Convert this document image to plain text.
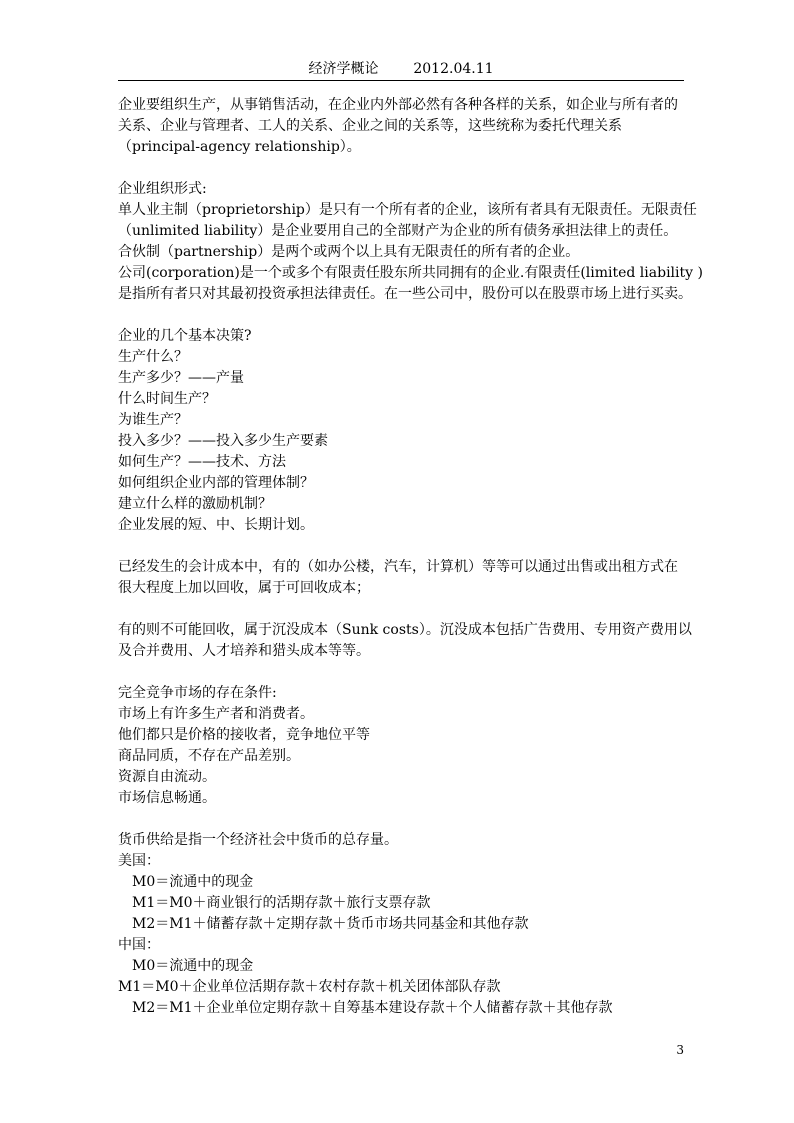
经济学概论 2012.04.11

企业要组织生产，从事销售活动，在企业内外部必然有各种各样的关系，如企业与所有者的

关系、企业与管理者、工人的关系、企业之间的关系等，这些统称为委托代理关系

（principal-agency relationship）。

企业组织形式:

单人业主制（proprietorship）是只有一个所有者的企业，该所有者具有无限责任。无限责任

（unlimited liability）是企业要用自己的全部财产为企业的所有债务承担法律上的责任。

合伙制（partnership）是两个或两个以上具有无限责任的所有者的企业。

公司(corporation)是一个或多个有限责任股东所共同拥有的企业.有限责任(limited liability )

是指所有者只对其最初投资承担法律责任。在一些公司中，股份可以在股票市场上进行买卖。

企业的几个基本决策?

生产什么？

生产多少？——产量

什么时间生产？

为谁生产？

投入多少？——投入多少生产要素

如何生产？——技术、方法

如何组织企业内部的管理体制？

建立什么样的激励机制？

企业发展的短、中、长期计划。

已经发生的会计成本中，有的（如办公楼，汽车，计算机）等等可以通过出售或出租方式在

很大程度上加以回收，属于可回收成本；

有的则不可能回收，属于沉没成本（Sunk costs）。沉没成本包括广告费用、专用资产费用以

及合并费用、人才培养和猎头成本等等。

完全竞争市场的存在条件:

市场上有许多生产者和消费者。

他们都只是价格的接收者，竞争地位平等

商品同质，不存在产品差别。

资源自由流动。

市场信息畅通。

货币供给是指一个经济社会中货币的总存量。

美国：

M0＝流通中的现金

M1＝M0＋商业银行的活期存款＋旅行支票存款

M2＝M1＋储蓄存款＋定期存款＋货币市场共同基金和其他存款

中国：

M0＝流通中的现金

M1＝M0＋企业单位活期存款＋农村存款＋机关团体部队存款

M2＝M1＋企业单位定期存款＋自筹基本建设存款＋个人储蓄存款＋其他存款

3
